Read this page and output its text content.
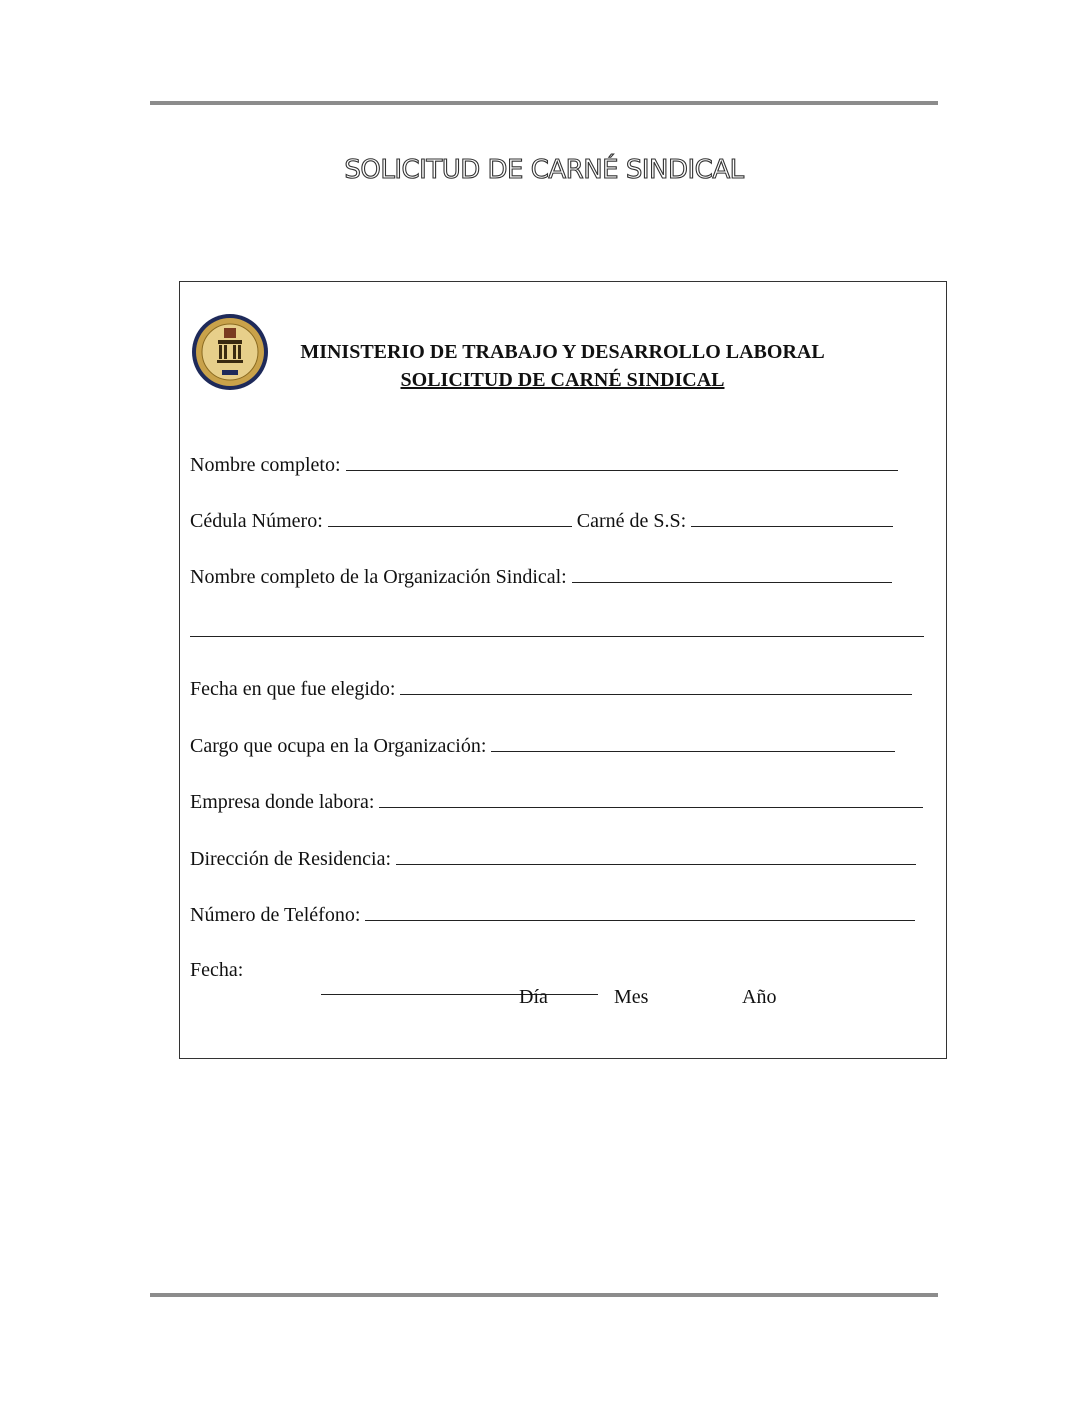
SOLICITUD DE CARNÉ SINDICAL
MINISTERIO DE TRABAJO Y DESARROLLO LABORAL
SOLICITUD DE CARNÉ SINDICAL
Nombre completo:
Cédula Número:	Carné de S.S:
Nombre completo de la Organización Sindical:
Fecha en que fue elegido:
Cargo que ocupa en la Organización:
Empresa donde labora:
Dirección de Residencia:
Número de Teléfono:
Fecha:
Día	Mes	Año
